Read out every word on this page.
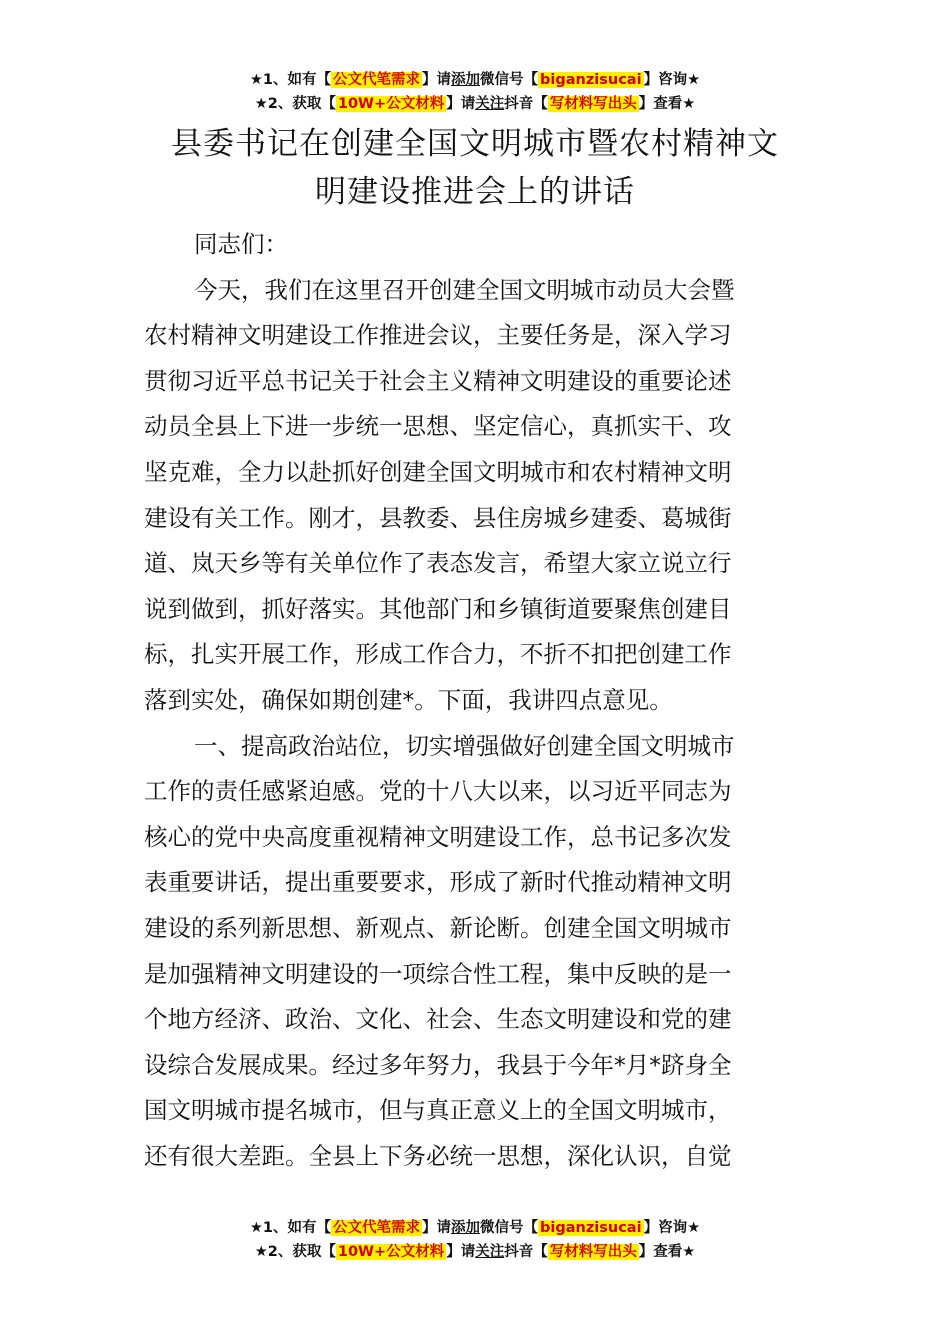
★1、如有【 公文代笔需求 】请添加微信号【 biganzisucai 】咨询★
★2、获取【 10W+公文材料 】请关注抖音【 写材料写出头 】查看★
县委书记在创建全国文明城市暨农村精神文
明建设推进会上的讲话

同志们：

今天，我们在这里召开创建全国文明城市动员大会暨
农村精神文明建设工作推进会议，主要任务是，深入学习
贯彻习近平总书记关于社会主义精神文明建设的重要论述
动员全县上下进一步统一思想、坚定信心，真抓实干、攻
坚克难，全力以赴抓好创建全国文明城市和农村精神文明
建设有关工作。刚才，县教委、县住房城乡建委、葛城街
道、岚天乡等有关单位作了表态发言，希望大家立说立行
说到做到，抓好落实。其他部门和乡镇街道要聚焦创建目
标，扎实开展工作，形成工作合力，不折不扣把创建工作
落到实处，确保如期创建*。下面，我讲四点意见。

一、提高政治站位，切实增强做好创建全国文明城市
工作的责任感紧迫感。党的十八大以来，以习近平同志为
核心的党中央高度重视精神文明建设工作，总书记多次发
表重要讲话，提出重要要求，形成了新时代推动精神文明
建设的系列新思想、新观点、新论断。创建全国文明城市
是加强精神文明建设的一项综合性工程，集中反映的是一
个地方经济、政治、文化、社会、生态文明建设和党的建
设综合发展成果。经过多年努力，我县于今年*月*跻身全
国文明城市提名城市，但与真正意义上的全国文明城市，
还有很大差距。全县上下务必统一思想，深化认识，自觉

★1、如有【 公文代笔需求 】请添加微信号【 biganzisucai 】咨询★
★2、获取【 10W+公文材料 】请关注抖音【 写材料写出头 】查看★
